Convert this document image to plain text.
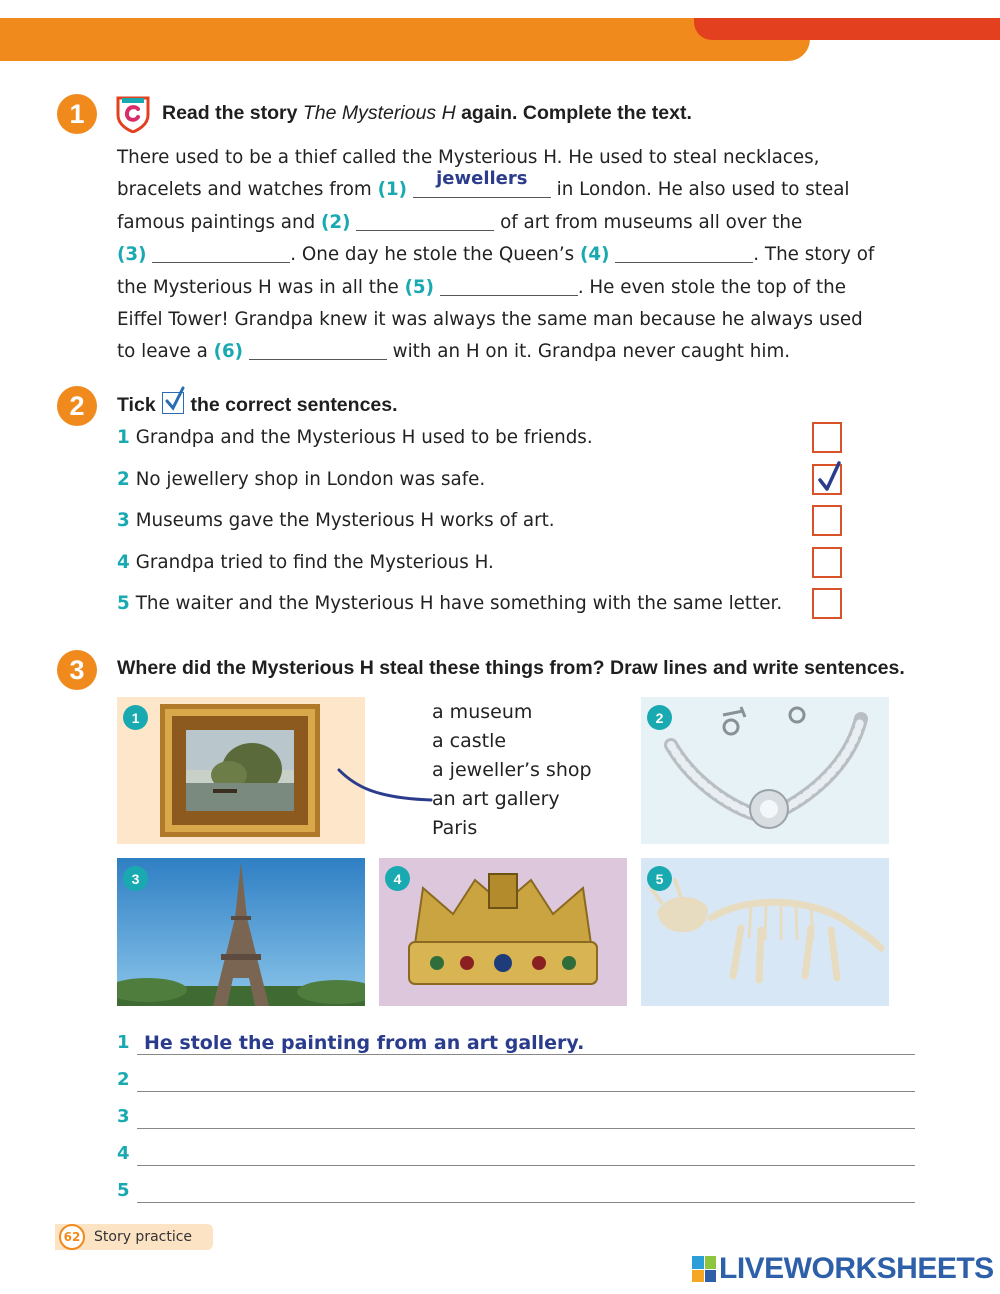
1	Read the story The Mysterious H again. Complete the text.
There used to be a thief called the Mysterious H. He used to steal necklaces,
bracelets and watches from (1)
jewellers
in London. He also used to steal
famous paintings and (2)	of art from museums all over the
(3)	. One day he stole the Queen’s (4)	. The story of
the Mysterious H was in all the (5)	. He even stole the top of the
Eiffel Tower! Grandpa knew it was always the same man because he always used
to leave a (6)	with an H on it. Grandpa never caught him.
2	Tick
the correct sentences.
1 Grandpa and the Mysterious H used to be friends.
2 No jewellery shop in London was safe.
3 Museums gave the Mysterious H works of art.
4 Grandpa tried to find the Mysterious H.
5 The waiter and the Mysterious H have something with the same letter.
3	Where did the Mysterious H steal these things from? Draw lines and write sentences.
1	a museum
a castle
a jeweller’s shop
an art gallery
Paris
2
3	4	5
1 He stole the painting from an art gallery.
2
3
4
5
62 Story practice
LIVEWORKSHEETS
